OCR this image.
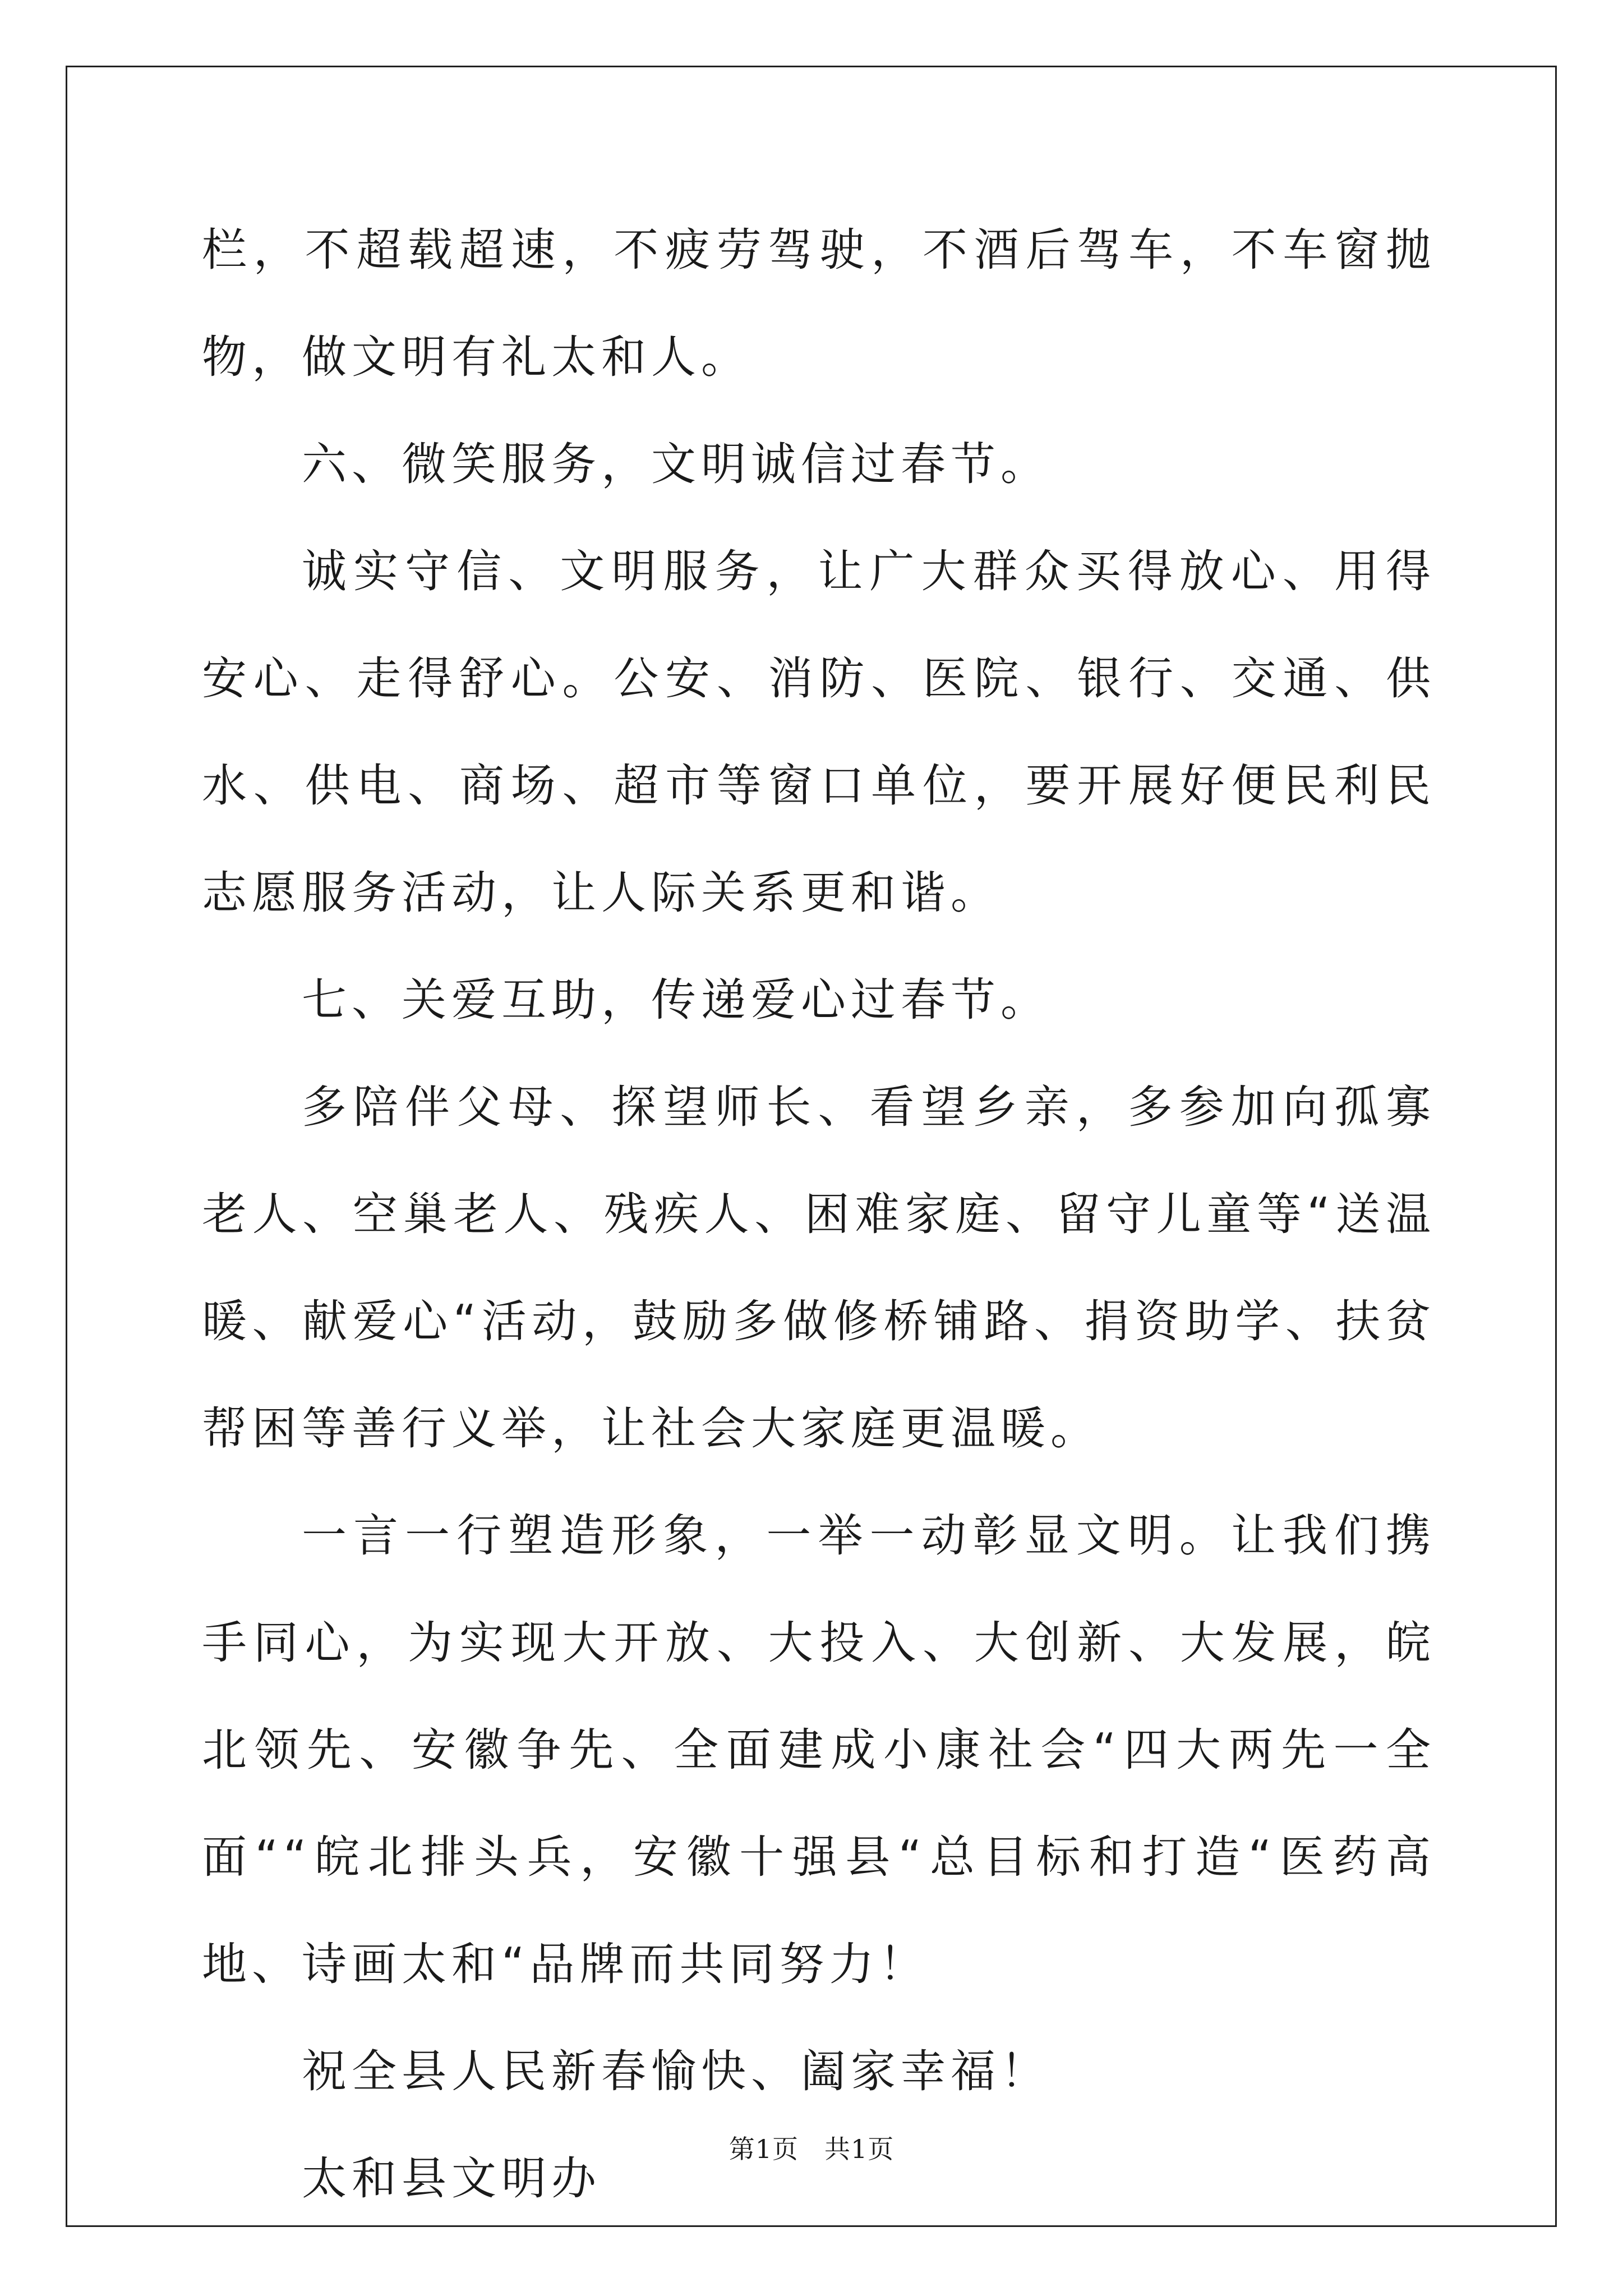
栏，不超载超速，不疲劳驾驶，不酒后驾车，不车窗抛物，做文明有礼太和人。

六、微笑服务，文明诚信过春节。

诚实守信、文明服务，让广大群众买得放心、用得安心、走得舒心。公安、消防、医院、银行、交通、供水、供电、商场、超市等窗口单位，要开展好便民利民志愿服务活动，让人际关系更和谐。

七、关爱互助，传递爱心过春节。

多陪伴父母、探望师长、看望乡亲，多参加向孤寡老人、空巢老人、残疾人、困难家庭、留守儿童等“送温暖、献爱心“活动，鼓励多做修桥铺路、捐资助学、扶贫帮困等善行义举，让社会大家庭更温暖。

一言一行塑造形象，一举一动彰显文明。让我们携手同心，为实现大开放、大投入、大创新、大发展，皖北领先、安徽争先、全面建成小康社会“四大两先一全面““皖北排头兵，安徽十强县“总目标和打造“医药高地、诗画太和“品牌而共同努力！

祝全县人民新春愉快、阖家幸福！

太和县文明办

第1页 共1页
